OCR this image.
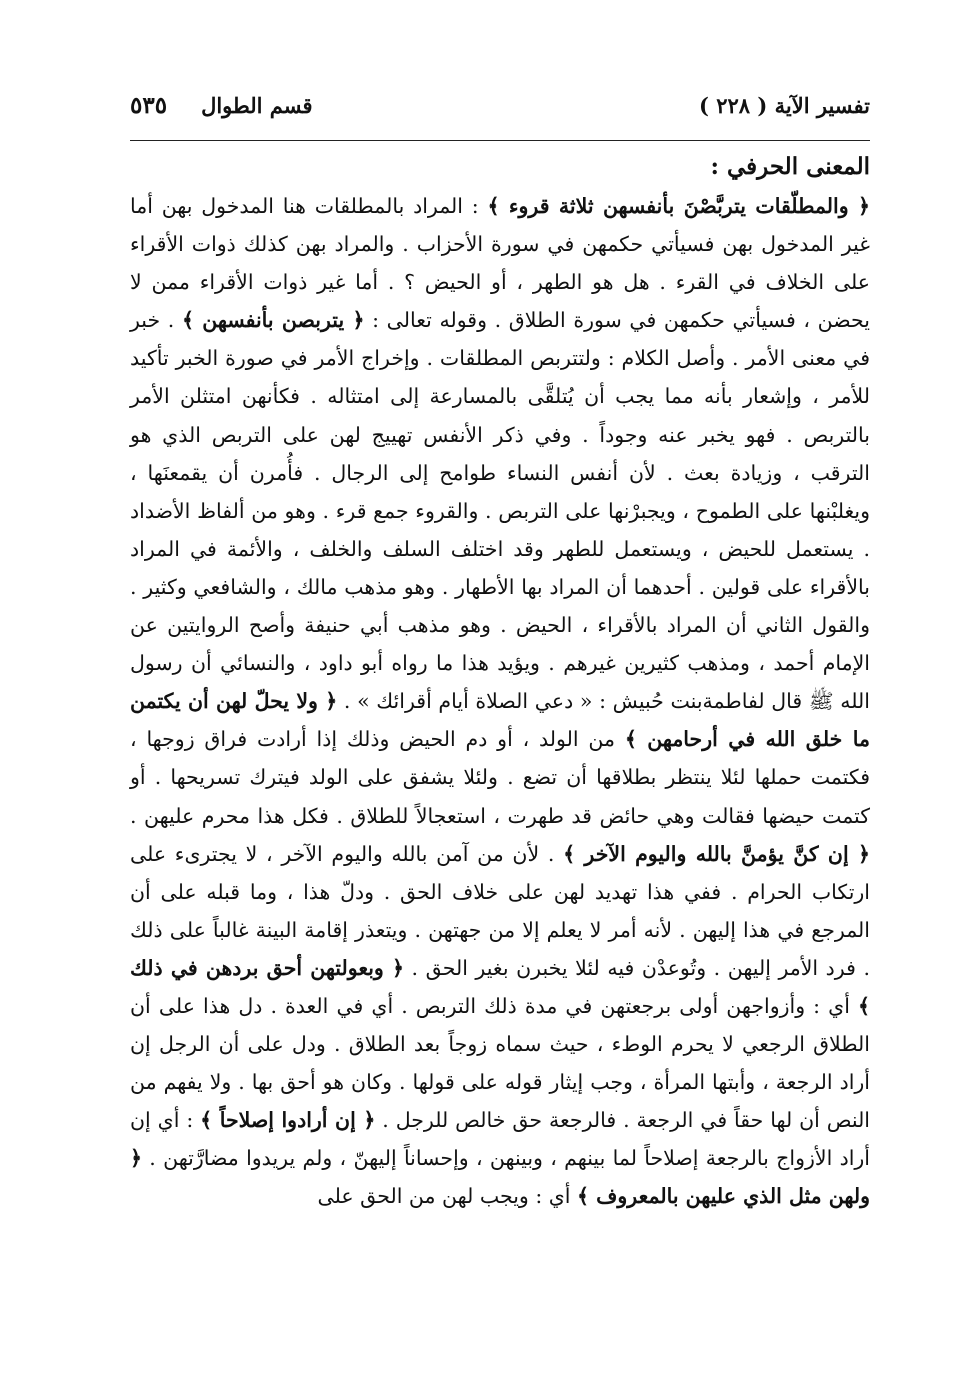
تفسير الآية ( ٢٢٨ )
قسم الطوال
٥٣٥

المعنى الحرفي :

﴿ والمطلّقات يتربَّصْنَ بأنفسهن ثلاثة قروء ﴾ : المراد بالمطلقات هنا المدخول بهن أما غير المدخول بهن فسيأتي حكمهن في سورة الأحزاب . والمراد بهن كذلك ذوات الأقراء على الخلاف في القرء . هل هو الطهر ، أو الحيض ؟ . أما غير ذوات الأقراء ممن لا يحضن ، فسيأتي حكمهن في سورة الطلاق . وقوله تعالى : ﴿ يتربصن بأنفسهن ﴾ . خبر في معنى الأمر . وأصل الكلام : ولتتربص المطلقات . وإخراج الأمر في صورة الخبر تأكيد للأمر ، وإشعار بأنه مما يجب أن يُتلقَّى بالمسارعة إلى امتثاله . فكأنهن امتثلن الأمر بالتربص . فهو يخبر عنه وجوداً . وفي ذكر الأنفس تهييج لهن على التربص الذي هو الترقب ، وزيادة بعث . لأن أنفس النساء طوامح إلى الرجال . فأُمرن أن يقمعنَها ، ويغلبْنها على الطموح ، ويجبرْنها على التربص . والقروء جمع قرء . وهو من ألفاظ الأضداد . يستعمل للحيض ، ويستعمل للطهر وقد اختلف السلف والخلف ، والأئمة في المراد بالأقراء على قولين . أحدهما أن المراد بها الأطهار . وهو مذهب مالك ، والشافعي وكثير . والقول الثاني أن المراد بالأقراء ، الحيض . وهو مذهب أبي حنيفة وأصح الروايتين عن الإمام أحمد ، ومذهب كثيرين غيرهم . ويؤيد هذا ما رواه أبو داود ، والنسائي أن رسول الله ﷺ قال لفاطمةبنت حُبيش : « دعي الصلاة أيام أقرائك » . ﴿ ولا يحلّ لهن أن يكتمن ما خلق الله في أرحامهن ﴾ من الولد ، أو دم الحيض وذلك إذا أرادت فراق زوجها ، فكتمت حملها لئلا ينتظر بطلاقها أن تضع . ولئلا يشفق على الولد فيترك تسريحها . أو كتمت حيضها فقالت وهي حائض قد طهرت ، استعجالاً للطلاق . فكل هذا محرم عليهن . ﴿ إن كنَّ يؤمنَّ بالله واليوم الآخر ﴾ . لأن من آمن بالله واليوم الآخر ، لا يجترىء على ارتكاب الحرام . ففي هذا تهديد لهن على خلاف الحق . ودلّ هذا ، وما قبله على أن المرجع في هذا إليهن . لأنه أمر لا يعلم إلا من جهتهن . ويتعذر إقامة البينة غالباً على ذلك . فرد الأمر إليهن . وتُوعدْن فيه لئلا يخبرن بغير الحق . ﴿ وبعولتهن أحق بردهن في ذلك ﴾ أي : وأزواجهن أولى برجعتهن في مدة ذلك التربص . أي في العدة . دل هذا على أن الطلاق الرجعي لا يحرم الوطء ، حيث سماه زوجاً بعد الطلاق . ودل على أن الرجل إن أراد الرجعة ، وأبتها المرأة ، وجب إيثار قوله على قولها . وكان هو أحق بها . ولا يفهم من النص أن لها حقاً في الرجعة . فالرجعة حق خالص للرجل . ﴿ إن أرادوا إصلاحاً ﴾ : أي إن أراد الأزواج بالرجعة إصلاحاً لما بينهم ، وبينهن ، وإحساناً إليهنّ ، ولم يريدوا مضارَّتهن . ﴿ ولهن مثل الذي عليهن بالمعروف ﴾ أي : ويجب لهن من الحق على
